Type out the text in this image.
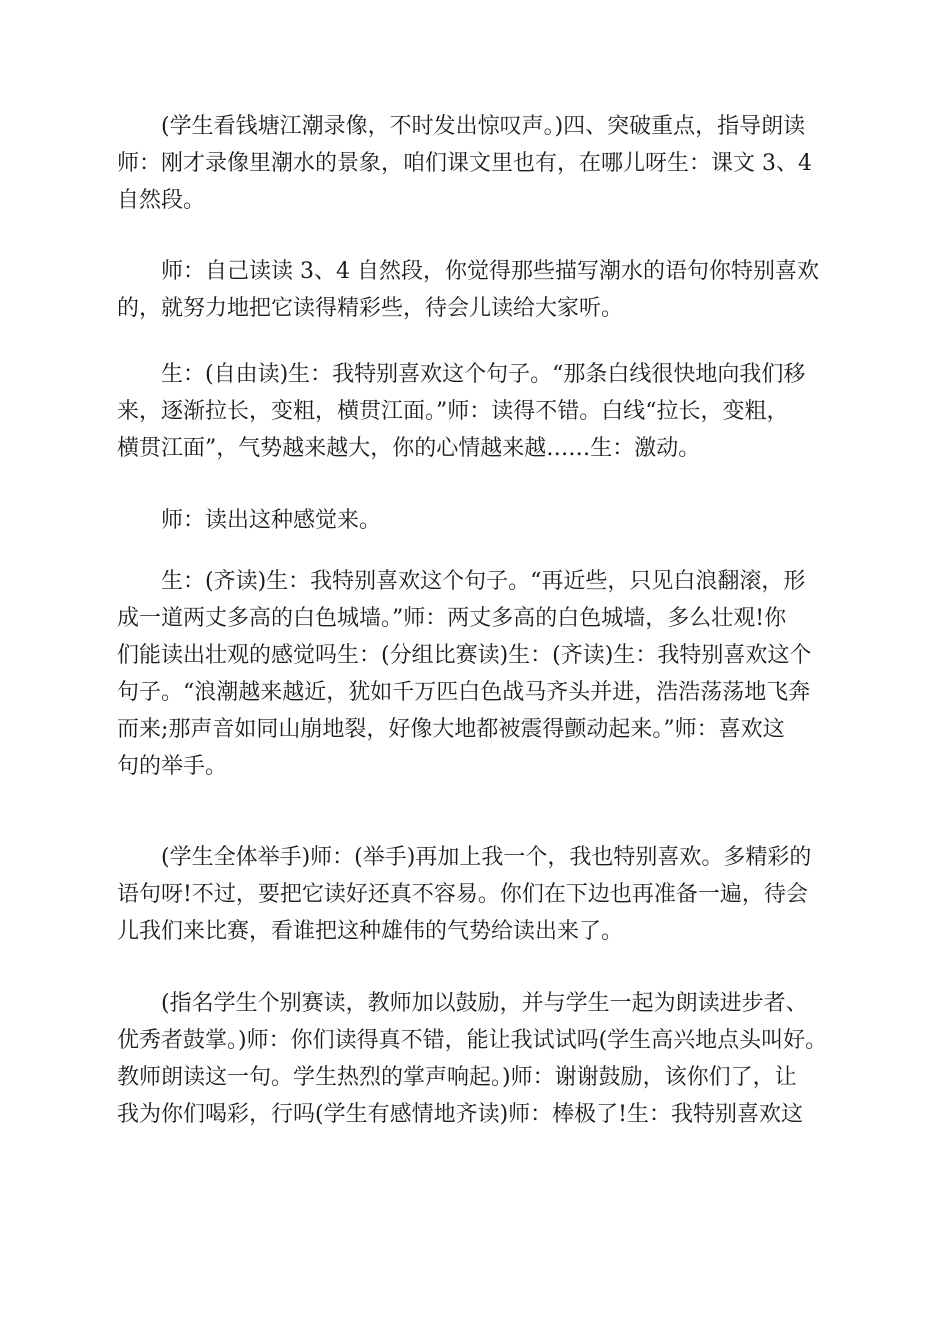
(学生看钱塘江潮录像，不时发出惊叹声。)四、突破重点，指导朗读
师：刚才录像里潮水的景象，咱们课文里也有，在哪儿呀生：课文 3、4
自然段。
师：自己读读 3、4 自然段，你觉得那些描写潮水的语句你特别喜欢
的，就努力地把它读得精彩些，待会儿读给大家听。
生：(自由读)生：我特别喜欢这个句子。“那条白线很快地向我们移
来，逐渐拉长，变粗，横贯江面。”师：读得不错。白线“拉长，变粗，
横贯江面”，气势越来越大，你的心情越来越……生：激动。
师：读出这种感觉来。
生：(齐读)生：我特别喜欢这个句子。“再近些，只见白浪翻滚，形
成一道两丈多高的白色城墙。”师：两丈多高的白色城墙，多么壮观!你
们能读出壮观的感觉吗生：(分组比赛读)生：(齐读)生：我特别喜欢这个
句子。“浪潮越来越近，犹如千万匹白色战马齐头并进，浩浩荡荡地飞奔
而来;那声音如同山崩地裂，好像大地都被震得颤动起来。”师：喜欢这
句的举手。
(学生全体举手)师：(举手)再加上我一个，我也特别喜欢。多精彩的
语句呀!不过，要把它读好还真不容易。你们在下边也再准备一遍，待会
儿我们来比赛，看谁把这种雄伟的气势给读出来了。
(指名学生个别赛读，教师加以鼓励，并与学生一起为朗读进步者、
优秀者鼓掌。)师：你们读得真不错，能让我试试吗(学生高兴地点头叫好。
教师朗读这一句。学生热烈的掌声响起。)师：谢谢鼓励，该你们了，让
我为你们喝彩，行吗(学生有感情地齐读)师：棒极了!生：我特别喜欢这
